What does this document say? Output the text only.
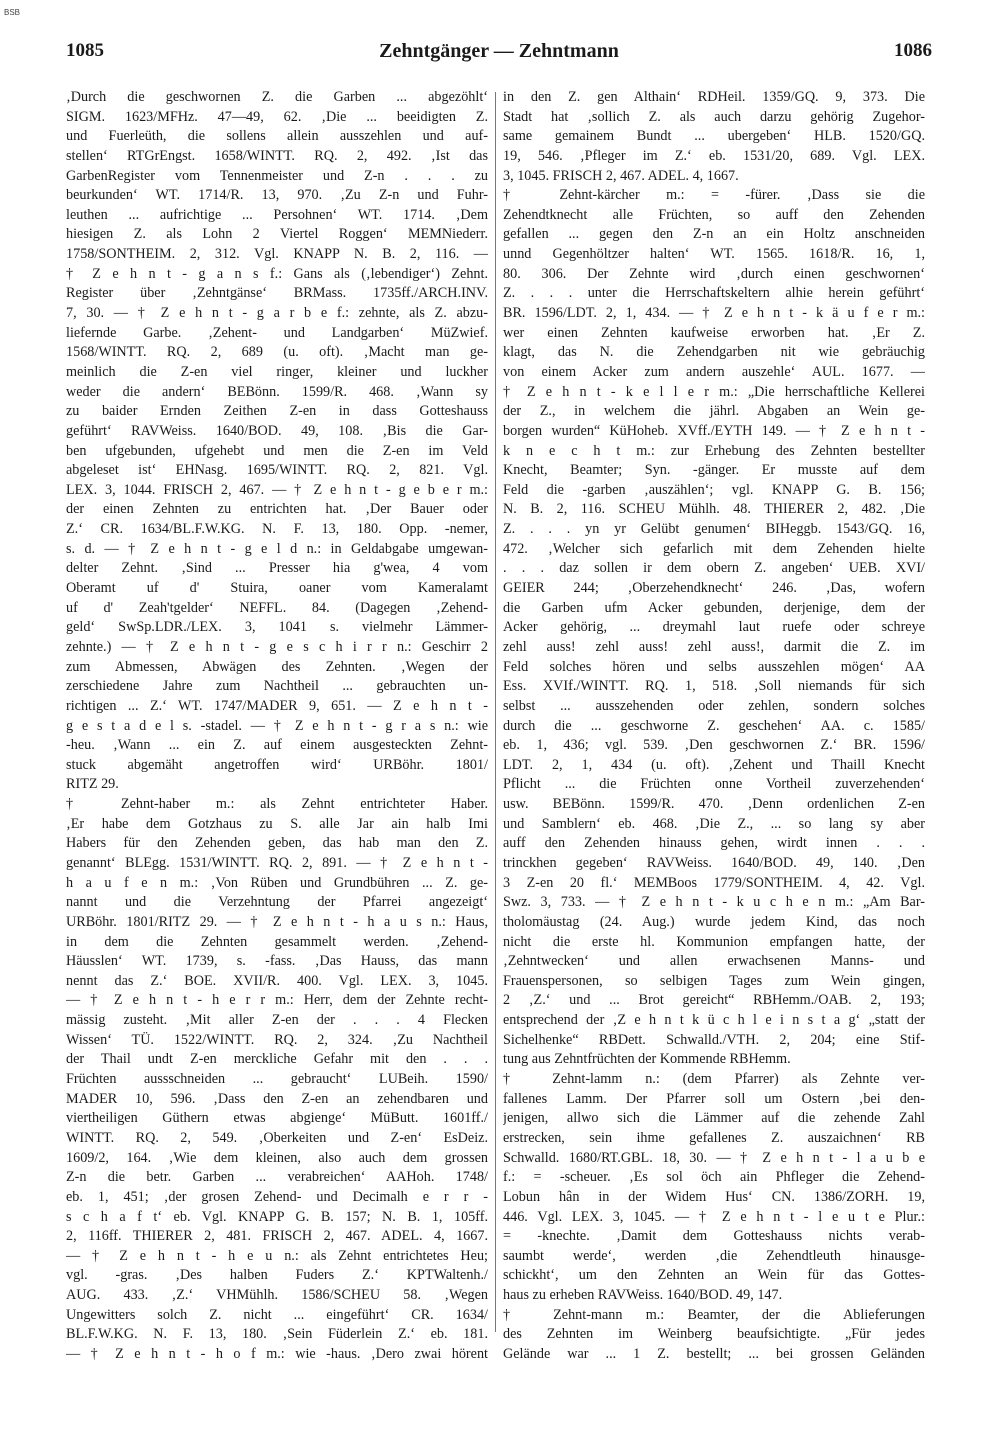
BSB
1085	Zehntgänger — Zehntmann	1086
‚Durch die geschwornen Z. die Garben ... abgezöhlt‘
SIGM. 1623/MFHz. 47—49, 62. ‚Die ... beeidigten Z.
und Fuerleüth, die sollens allein ausszehlen und auf-
stellen‘ RTGrEngst. 1658/WINTT. RQ. 2, 492. ‚Ist das
GarbenRegister vom Tennenmeister und Z-n . . . zu
beurkunden‘ WT. 1714/R. 13, 970. ‚Zu Z-n und Fuhr-
leuthen ... aufrichtige ... Persohnen‘ WT. 1714. ‚Dem
hiesigen Z. als Lohn 2 Viertel Roggen‘ MEMNiederr.
1758/SONTHEIM. 2, 312. Vgl. KNAPP N. B. 2, 116. —
† Z e h n t - g a n s f.: Gans als (‚lebendiger‘) Zehnt.
Register über ‚Zehntgänse‘ BRMass. 1735ff./ARCH.INV.
7, 30. — † Z e h n t - g a r b e f.: zehnte, als Z. abzu-
liefernde Garbe. ‚Zehent- und Landgarben‘ MüZwief.
1568/WINTT. RQ. 2, 689 (u. oft). ‚Macht man ge-
meinlich die Z-en viel ringer, kleiner und luckher
weder die andern‘ BEBönn. 1599/R. 468. ‚Wann sy
zu baider Ernden Zeithen Z-en in dass Gotteshauss
geführt‘ RAVWeiss. 1640/BOD. 49, 108. ‚Bis die Gar-
ben ufgebunden, ufgehebt und men die Z-en im Veld
abgeleset ist‘ EHNasg. 1695/WINTT. RQ. 2, 821. Vgl.
LEX. 3, 1044. FRISCH 2, 467. — † Z e h n t - g e b e r m.:
der einen Zehnten zu entrichten hat. ‚Der Bauer oder
Z.‘ CR. 1634/BL.F.W.KG. N. F. 13, 180. Opp. -nemer,
s. d. — † Z e h n t - g e l d n.: in Geldabgabe umgewan-
delter Zehnt. ‚Sind ... Presser hia g'wea, 4 vom
Oberamt uf d' Stuira, oaner vom Kameralamt
uf d' Zeah'tgelder‘ NEFFL. 84. (Dagegen ‚Zehend-
geld‘ SwSp.LDR./LEX. 3, 1041 s. vielmehr Lämmer-
zehnte.) — † Z e h n t - g e s c h i r r n.: Geschirr 2
zum Abmessen, Abwägen des Zehnten. ‚Wegen der
zerschiedene Jahre zum Nachtheil ... gebrauchten un-
richtigen ... Z.‘ WT. 1747/MADER 9, 651. — Z e h n t -
g e s t a d e l s. -stadel. — † Z e h n t - g r a s n.: wie
-heu. ‚Wann ... ein Z. auf einem ausgesteckten Zehnt-
stuck abgemäht angetroffen wird‘ URBöhr. 1801/
RITZ 29.
† Zehnt-haber m.: als Zehnt entrichteter Haber.
‚Er habe dem Gotzhaus zu S. alle Jar ain halb Imi
Habers für den Zehenden geben, das hab man den Z.
genannt‘ BLEgg. 1531/WINTT. RQ. 2, 891. — † Z e h n t -
h a u f e n m.: ‚Von Rüben und Grundbühren ... Z. ge-
nannt und die Verzehntung der Pfarrei angezeigt‘
URBöhr. 1801/RITZ 29. — † Z e h n t - h a u s n.: Haus,
in dem die Zehnten gesammelt werden. ‚Zehend-
Häusslen‘ WT. 1739, s. -fass. ‚Das Hauss, das mann
nennt das Z.‘ BOE. XVII/R. 400. Vgl. LEX. 3, 1045.
— † Z e h n t - h e r r m.: Herr, dem der Zehnte recht-
mässig zusteht. ‚Mit aller Z-en der . . . 4 Flecken
Wissen‘ TÜ. 1522/WINTT. RQ. 2, 324. ‚Zu Nachtheil
der Thail undt Z-en merckliche Gefahr mit den . . .
Früchten aussschneiden ... gebraucht‘ LUBeih. 1590/
MADER 10, 596. ‚Dass den Z-en an zehendbaren und
viertheiligen Güthern etwas abgienge‘ MüButt. 1601ff./
WINTT. RQ. 2, 549. ‚Oberkeiten und Z-en‘ EsDeiz.
1609/2, 164. ‚Wie dem kleinen, also auch dem grossen
Z-n die betr. Garben ... verabreichen‘ AAHoh. 1748/
eb. 1, 451; ‚der grosen Zehend- und Decimalh e r r -
s c h a f t‘ eb. Vgl. KNAPP G. B. 157; N. B. 1, 105ff.
2, 116ff. THIERER 2, 481. FRISCH 2, 467. ADEL. 4, 1667.
— † Z e h n t - h e u n.: als Zehnt entrichtetes Heu;
vgl. -gras. ‚Des halben Fuders Z.‘ KPTWaltenh./
AUG. 433. ‚Z.‘ VHMühlh. 1586/SCHEU 58. ‚Wegen
Ungewitters solch Z. nicht ... eingeführt‘ CR. 1634/
BL.F.W.KG. N. F. 13, 180. ‚Sein Füderlein Z.‘ eb. 181.
— † Z e h n t - h o f m.: wie -haus. ‚Dero zwai hörent
in den Z. gen Althain‘ RDHeil. 1359/GQ. 9, 373. Die
Stadt hat ‚sollich Z. als auch darzu gehörig Zugehor-
same gemainem Bundt ... ubergeben‘ HLB. 1520/GQ.
19, 546. ‚Pfleger im Z.‘ eb. 1531/20, 689. Vgl. LEX.
3, 1045. FRISCH 2, 467. ADEL. 4, 1667.
† Zehnt-kärcher m.: = -fürer. ‚Dass sie die
Zehendtknecht alle Früchten, so auff den Zehenden
gefallen ... gegen den Z-n an ein Holtz anschneiden
unnd Gegenhöltzer halten‘ WT. 1565. 1618/R. 16, 1,
80. 306. Der Zehnte wird ‚durch einen geschwornen‘
Z. . . . unter die Herrschaftskeltern alhie herein geführt‘
BR. 1596/LDT. 2, 1, 434. — † Z e h n t - k ä u f e r m.:
wer einen Zehnten kaufweise erworben hat. ‚Er Z.
klagt, das N. die Zehendgarben nit wie gebräuchig
von einem Acker zum andern auszehle‘ AUL. 1677. —
† Z e h n t - k e l l e r m.: „Die herrschaftliche Kellerei
der Z., in welchem die jährl. Abgaben an Wein ge-
borgen wurden“ KüHoheb. XVff./EYTH 149. — † Z e h n t -
k n e c h t m.: zur Erhebung des Zehnten bestellter
Knecht, Beamter; Syn. -gänger. Er musste auf dem
Feld die -garben ‚auszählen‘; vgl. KNAPP G. B. 156;
N. B. 2, 116. SCHEU Mühlh. 48. THIERER 2, 482. ‚Die
Z. . . . yn yr Gelübt genumen‘ BIHeggb. 1543/GQ. 16,
472. ‚Welcher sich gefarlich mit dem Zehenden hielte
. . . daz sollen ir dem obern Z. angeben‘ UEB. XVI/
GEIER 244; ‚Oberzehendknecht‘ 246. ‚Das, wofern
die Garben ufm Acker gebunden, derjenige, dem der
Acker gehörig, ... dreymahl laut ruefe oder schreye
zehl auss! zehl auss! zehl auss!, darmit die Z. im
Feld solches hören und selbs ausszehlen mögen‘ AA
Ess. XVIf./WINTT. RQ. 1, 518. ‚Soll niemands für sich
selbst ... ausszehenden oder zehlen, sondern solches
durch die ... geschworne Z. geschehen‘ AA. c. 1585/
eb. 1, 436; vgl. 539. ‚Den geschwornen Z.‘ BR. 1596/
LDT. 2, 1, 434 (u. oft). ‚Zehent und Thaill Knecht
Pflicht ... die Früchten onne Vortheil zuverzehenden‘
usw. BEBönn. 1599/R. 470. ‚Denn ordenlichen Z-en
und Samblern‘ eb. 468. ‚Die Z., ... so lang sy aber
auff den Zehenden hinauss gehen, wirdt innen . . .
trinckhen gegeben‘ RAVWeiss. 1640/BOD. 49, 140. ‚Den
3 Z-en 20 fl.‘ MEMBoos 1779/SONTHEIM. 4, 42. Vgl.
Swz. 3, 733. — † Z e h n t - k u c h e n m.: „Am Bar-
tholomäustag (24. Aug.) wurde jedem Kind, das noch
nicht die erste hl. Kommunion empfangen hatte, der
‚Zehntwecken‘ und allen erwachsenen Manns- und
Frauenspersonen, so selbigen Tages zum Wein gingen,
2 ‚Z.‘ und ... Brot gereicht“ RBHemm./OAB. 2, 193;
entsprechend der ‚Z e h n t k ü c h l e i n s t a g‘ „statt der
Sichelhenke“ RBDett. Schwalld./VTH. 2, 204; eine Stif-
tung aus Zehntfrüchten der Kommende RBHemm.
† Zehnt-lamm n.: (dem Pfarrer) als Zehnte ver-
fallenes Lamm. Der Pfarrer soll um Ostern ‚bei den-
jenigen, allwo sich die Lämmer auf die zehende Zahl
erstrecken, sein ihme gefallenes Z. auszaichnen‘ RB
Schwalld. 1680/RT.GBL. 18, 30. — † Z e h n t - l a u b e
f.: = -scheuer. ‚Es sol öch ain Phfleger die Zehend-
Lobun hân in der Widem Hus‘ CN. 1386/ZORH. 19,
446. Vgl. LEX. 3, 1045. — † Z e h n t - l e u t e Plur.:
= -knechte. ‚Damit dem Gotteshauss nichts verab-
saumbt werde‘, werden ‚die Zehendtleuth hinausge-
schickht‘, um den Zehnten an Wein für das Gottes-
haus zu erheben RAVWeiss. 1640/BOD. 49, 147.
† Zehnt-mann m.: Beamter, der die Ablieferungen
des Zehnten im Weinberg beaufsichtigte. „Für jedes
Gelände war ... 1 Z. bestellt; ... bei grossen Geländen
